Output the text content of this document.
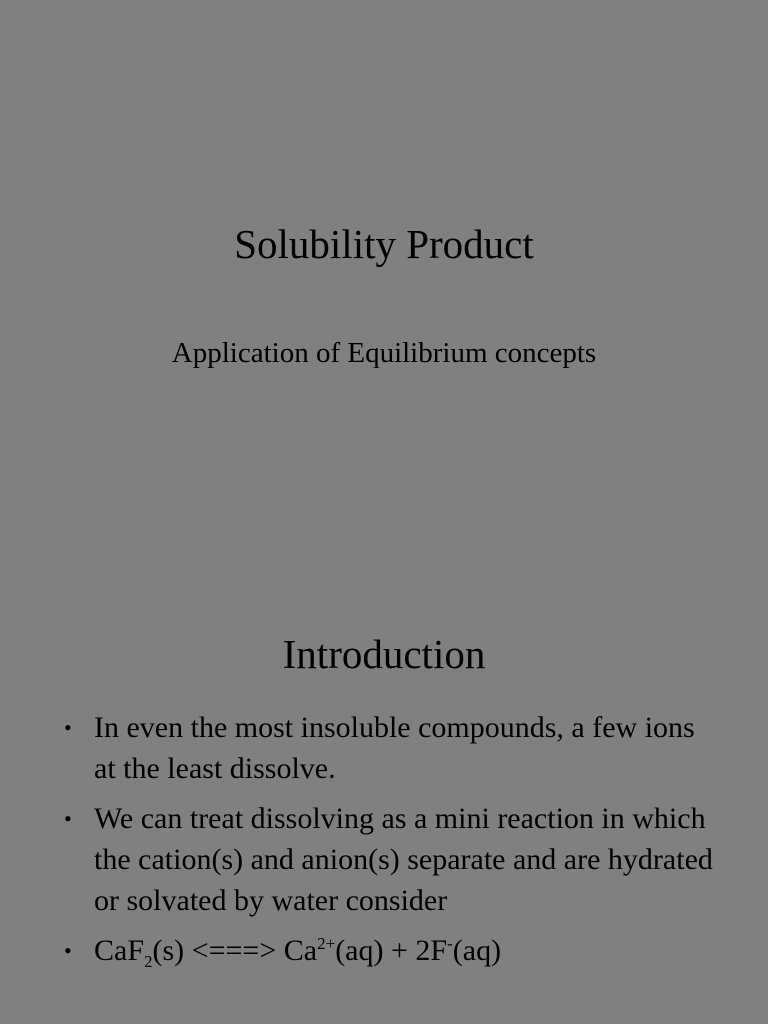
Solubility Product
Application of Equilibrium concepts
Introduction
• In even the most insoluble compounds, a few ions at the least dissolve.
• We can treat dissolving as a mini reaction in which the cation(s) and anion(s) separate and are hydrated or solvated by water consider
• CaF$_2$(s) <===> $Ca^{2+}(aq) + 2F^-(aq)$
